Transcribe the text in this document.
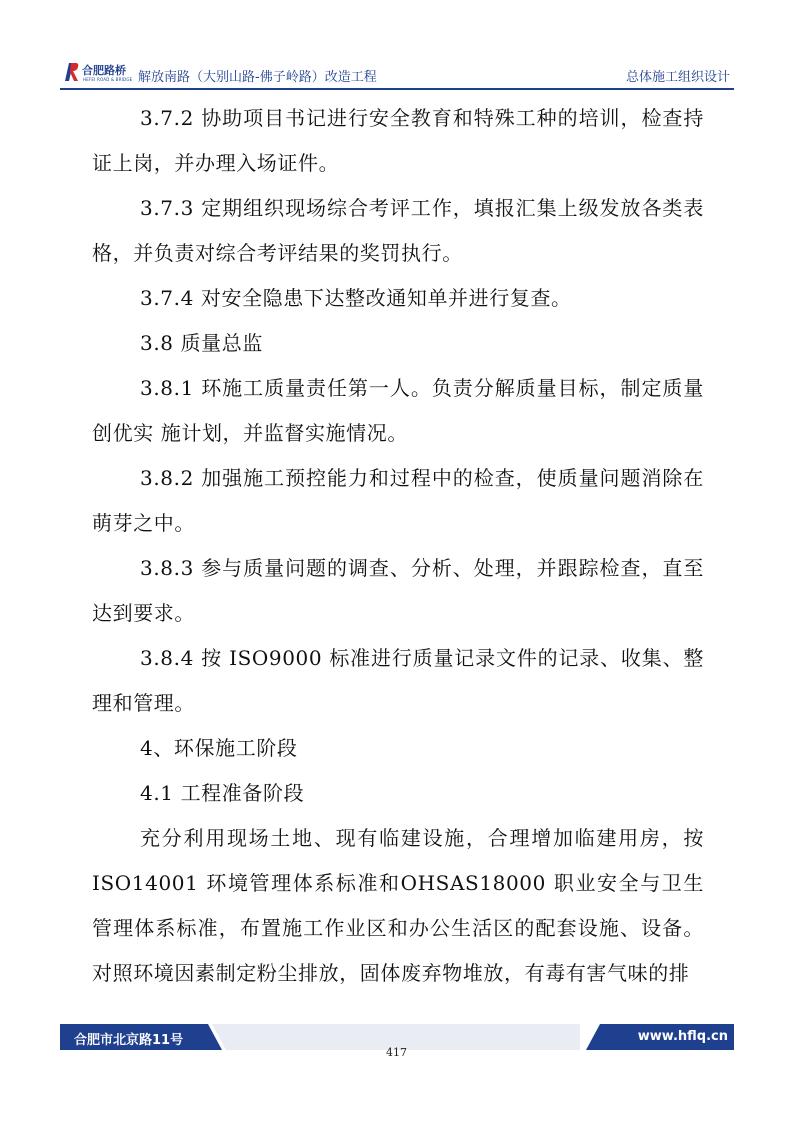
合肥路桥
HEFEI ROAD & BRIDGE 解放南路（大别山路-佛子岭路）改造工程	总体施工组织设计

3.7.2 协助项目书记进行安全教育和特殊工种的培训，检查持证上岗，并办理入场证件。

3.7.3 定期组织现场综合考评工作，填报汇集上级发放各类表格，并负责对综合考评结果的奖罚执行。

3.7.4 对安全隐患下达整改通知单并进行复查。

3.8 质量总监

3.8.1 环施工质量责任第一人。负责分解质量目标，制定质量创优实 施计划，并监督实施情况。

3.8.2 加强施工预控能力和过程中的检查，使质量问题消除在萌芽之中。

3.8.3 参与质量问题的调查、分析、处理，并跟踪检查，直至达到要求。

3.8.4 按 ISO9000 标准进行质量记录文件的记录、收集、整理和管理。

4、环保施工阶段

4.1 工程准备阶段

充分利用现场土地、现有临建设施，合理增加临建用房，按ISO14001 环境管理体系标准和OHSAS18000 职业安全与卫生管理体系标准，布置施工作业区和办公生活区的配套设施、设备。对照环境因素制定粉尘排放，固体废弃物堆放，有毒有害气味的排

合肥市北京路11号	www.hflq.cn
417
